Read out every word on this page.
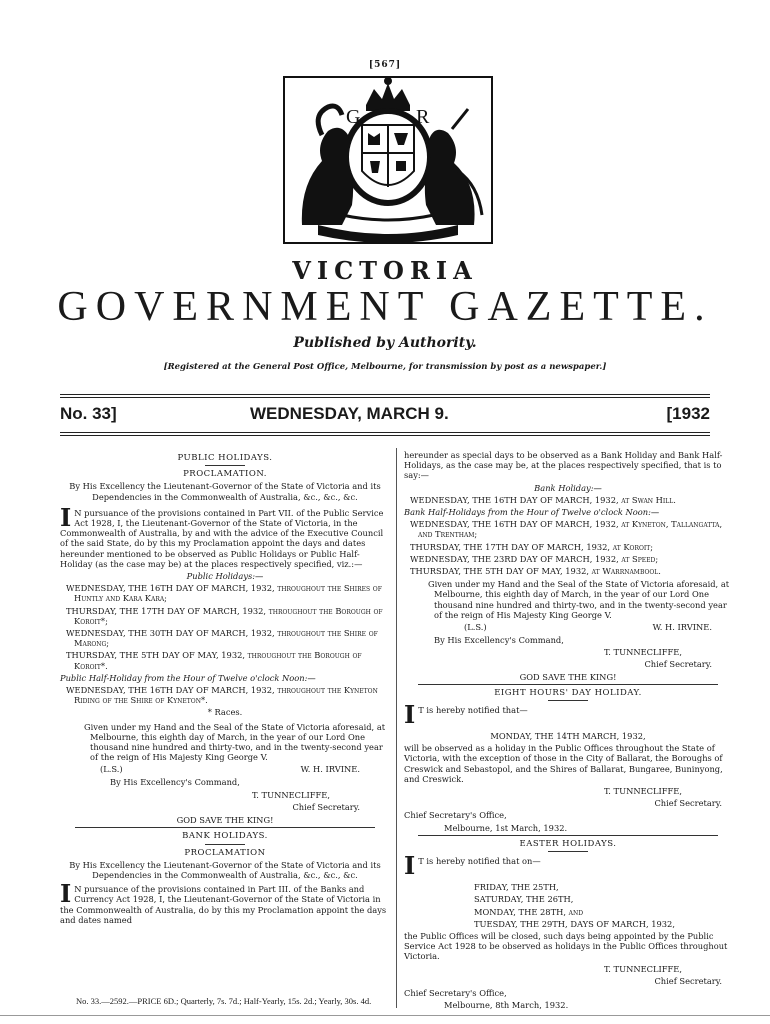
[567]
G	R
VICTORIA
GOVERNMENT GAZETTE.
Published by Authority.
[Registered at the General Post Office, Melbourne, for transmission by post as a newspaper.]
No. 33]	WEDNESDAY, MARCH 9.	[1932
PUBLIC HOLIDAYS.
PROCLAMATION.

By His Excellency the Lieutenant-Governor of the State of Victoria and its Dependencies in the Commonwealth of Australia, &c., &c., &c.

I N pursuance of the provisions contained in Part VII. of the Public Service Act 1928, I, the Lieutenant-Governor of the State of Victoria, in the Commonwealth of Australia, by and with the advice of the Executive Council of the said State, do by this my Proclamation appoint the days and dates hereunder mentioned to be observed as Public Holidays or Public Half-Holiday (as the case may be) at the places respectively specified, viz.:—

Public Holidays:—

WEDNESDAY, THE 16TH DAY OF MARCH, 1932, throughout the Shires of Huntly and Kara Kara;

THURSDAY, THE 17TH DAY OF MARCH, 1932, throughout the Borough of Koroit*;

WEDNESDAY, THE 30TH DAY OF MARCH, 1932, throughout the Shire of Marong;

THURSDAY, THE 5TH DAY OF MAY, 1932, throughout the Borough of Koroit*.

Public Half-Holiday from the Hour of Twelve o'clock Noon:—

WEDNESDAY, THE 16TH DAY OF MARCH, 1932, throughout the Kyneton Riding of the Shire of Kyneton*.

* Races.

Given under my Hand and the Seal of the State of Victoria aforesaid, at Melbourne, this eighth day of March, in the year of our Lord One thousand nine hundred and thirty-two, and in the twenty-second year of the reign of His Majesty King George V.

(L.S.)	W. H. IRVINE.

By His Excellency's Command,

T. TUNNECLIFFE,

Chief Secretary.

GOD SAVE THE KING!

BANK HOLIDAYS.
PROCLAMATION

By His Excellency the Lieutenant-Governor of the State of Victoria and its Dependencies in the Commonwealth of Australia, &c., &c., &c.

I N pursuance of the provisions contained in Part III. of the Banks and Currency Act 1928, I, the Lieutenant-Governor of the State of Victoria in the Commonwealth of Australia, do by this my Proclamation appoint the days and dates named

hereunder as special days to be observed as a Bank Holiday and Bank Half-Holidays, as the case may be, at the places respectively specified, that is to say:—

Bank Holiday:—

WEDNESDAY, THE 16TH DAY OF MARCH, 1932, at Swan Hill.

Bank Half-Holidays from the Hour of Twelve o'clock Noon:—

WEDNESDAY, THE 16TH DAY OF MARCH, 1932, at Kyneton, Tallangatta, and Trentham;

THURSDAY, THE 17TH DAY OF MARCH, 1932, at Koroit;

WEDNESDAY, THE 23RD DAY OF MARCH, 1932, at Speed;

THURSDAY, THE 5TH DAY OF MAY, 1932, at Warrnambool.

Given under my Hand and the Seal of the State of Victoria aforesaid, at Melbourne, this eighth day of March, in the year of our Lord One thousand nine hundred and thirty-two, and in the twenty-second year of the reign of His Majesty King George V.

(L.S.)	W. H. IRVINE.

By His Excellency's Command,

T. TUNNECLIFFE,

Chief Secretary.

GOD SAVE THE KING!

EIGHT HOURS' DAY HOLIDAY.

I T is hereby notified that—

MONDAY, THE 14TH MARCH, 1932,

will be observed as a holiday in the Public Offices throughout the State of Victoria, with the exception of those in the City of Ballarat, the Boroughs of Creswick and Sebastopol, and the Shires of Ballarat, Bungaree, Buninyong, and Creswick.

T. TUNNECLIFFE,

Chief Secretary.

Chief Secretary's Office,

Melbourne, 1st March, 1932.

EASTER HOLIDAYS.

I T is hereby notified that on—

FRIDAY, THE 25TH,

SATURDAY, THE 26TH,

MONDAY, THE 28TH, and

TUESDAY, THE 29TH, DAYS OF MARCH, 1932,

the Public Offices will be closed, such days being appointed by the Public Service Act 1928 to be observed as holidays in the Public Offices throughout Victoria.

T. TUNNECLIFFE,

Chief Secretary.

Chief Secretary's Office,

Melbourne, 8th March, 1932.

No. 33.—2592.—PRICE 6D.; Quarterly, 7s. 7d.; Half-Yearly, 15s. 2d.; Yearly, 30s. 4d.
